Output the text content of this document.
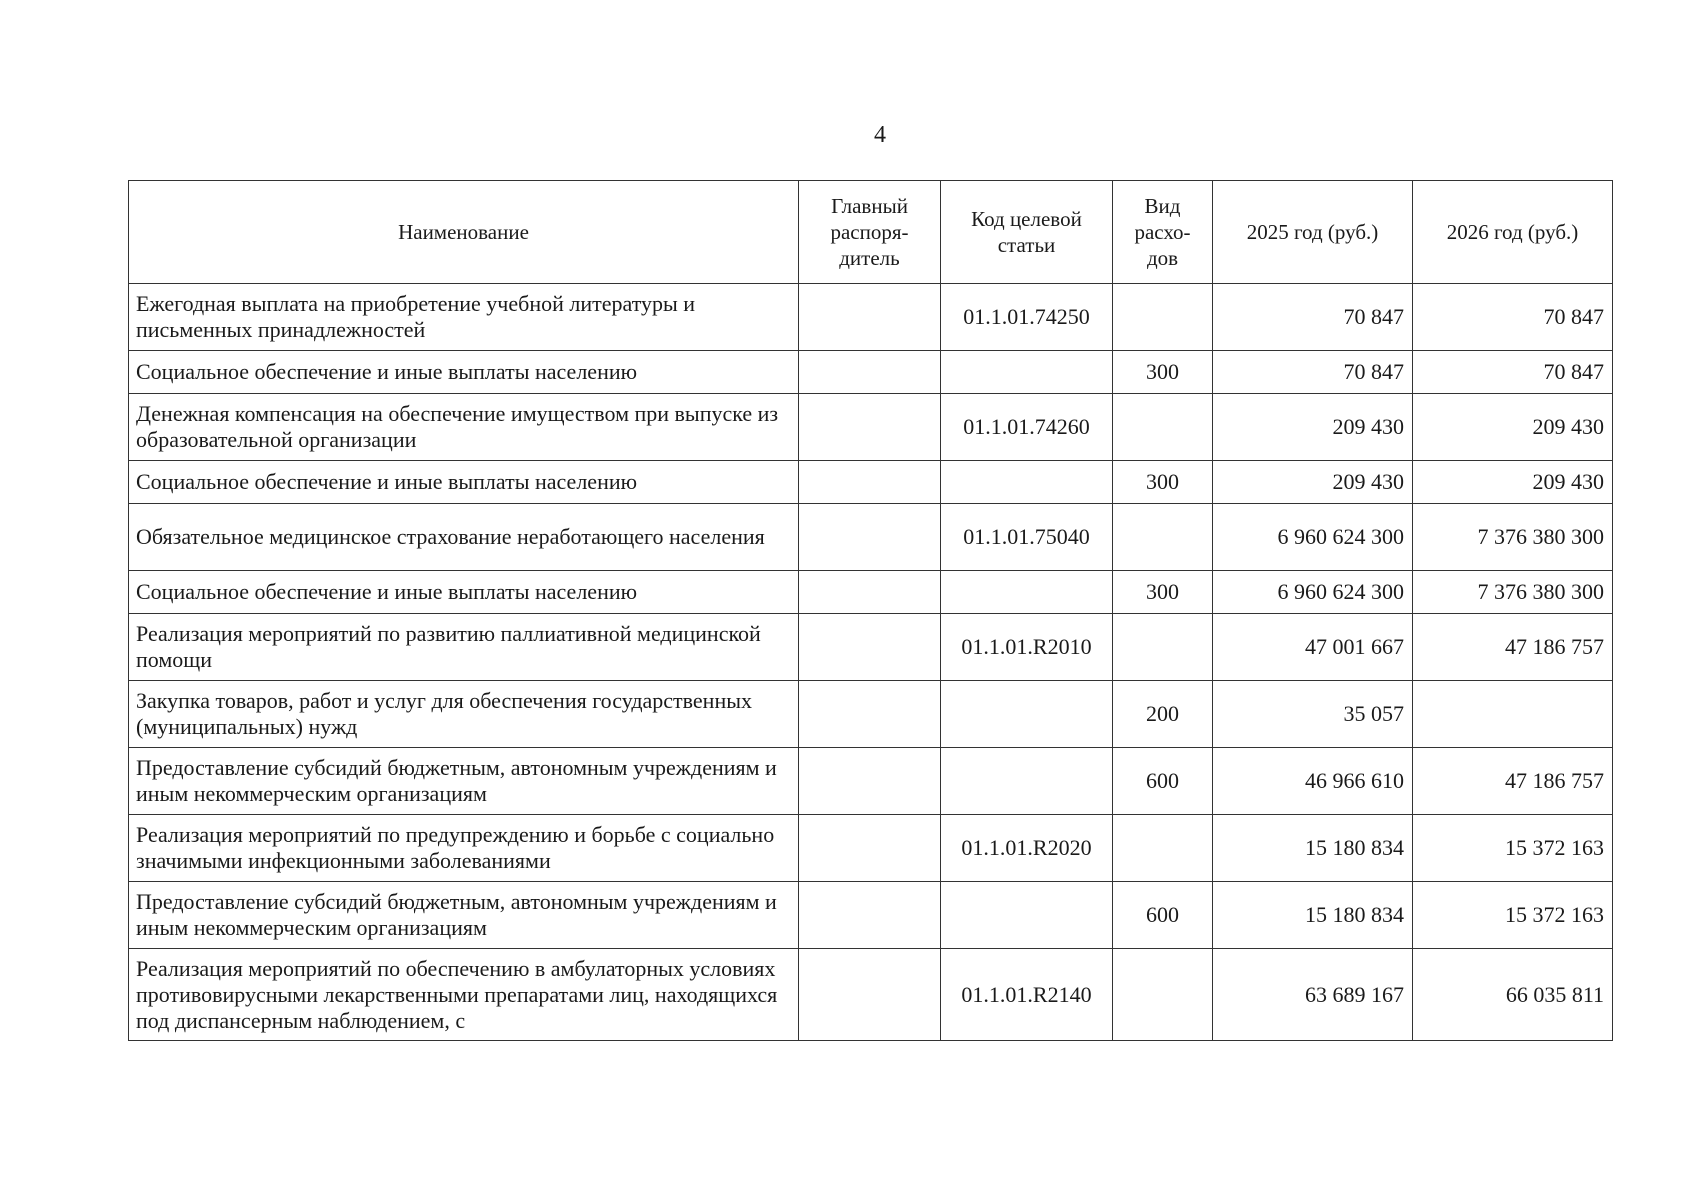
4
Наименование	Главный распоря-дитель	Код целевой статьи	Вид расхо-дов	2025 год (руб.)	2026 год (руб.)
Ежегодная выплата на приобретение учебной литературы и письменных принадлежностей		01.1.01.74250		70 847	70 847
Социальное обеспечение и иные выплаты населению			300	70 847	70 847
Денежная компенсация на обеспечение имуществом при выпуске из образовательной организации		01.1.01.74260		209 430	209 430
Социальное обеспечение и иные выплаты населению			300	209 430	209 430
Обязательное медицинское страхование неработающего населения		01.1.01.75040		6 960 624 300	7 376 380 300
Социальное обеспечение и иные выплаты населению			300	6 960 624 300	7 376 380 300
Реализация мероприятий по развитию паллиативной медицинской помощи		01.1.01.R2010		47 001 667	47 186 757
Закупка товаров, работ и услуг для обеспечения государственных (муниципальных) нужд			200	35 057	
Предоставление субсидий бюджетным, автономным учреждениям и иным некоммерческим организациям			600	46 966 610	47 186 757
Реализация мероприятий по предупреждению и борьбе с социально значимыми инфекционными заболеваниями		01.1.01.R2020		15 180 834	15 372 163
Предоставление субсидий бюджетным, автономным учреждениям и иным некоммерческим организациям			600	15 180 834	15 372 163
Реализация мероприятий по обеспечению в амбулаторных условиях противовирусными лекарственными препаратами лиц, находящихся под диспансерным наблюдением, с		01.1.01.R2140		63 689 167	66 035 811
